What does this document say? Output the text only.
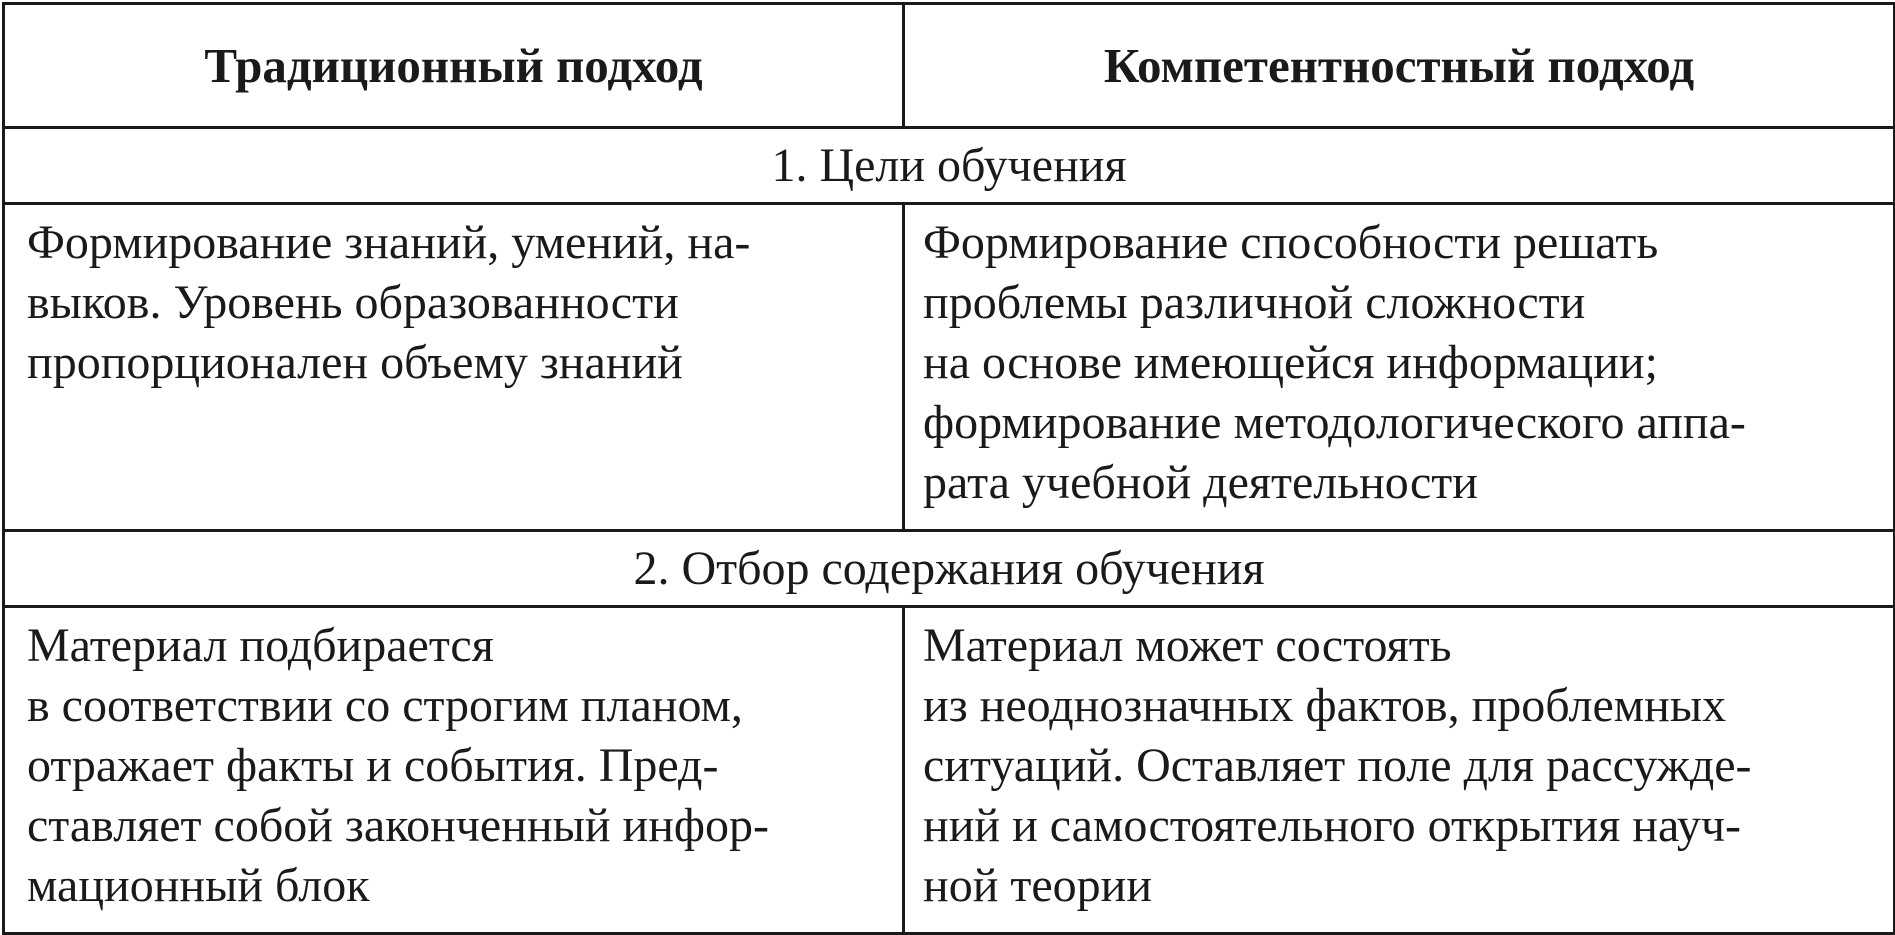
Традиционный подход	Компетентностный подход
1. Цели обучения	
Формирование знаний, умений, на-
выков. Уровень образованности
пропорционален объему знаний	Формирование способности решать
проблемы различной сложности
на основе имеющейся информации;
формирование методологического аппа-
рата учебной деятельности
2. Отбор содержания обучения	
Материал подбирается
в соответствии со строгим планом,
отражает факты и события. Пред-
ставляет собой законченный инфор-
мационный блок	Материал может состоять
из неоднозначных фактов, проблемных
ситуаций. Оставляет поле для рассужде-
ний и самостоятельного открытия науч-
ной теории
